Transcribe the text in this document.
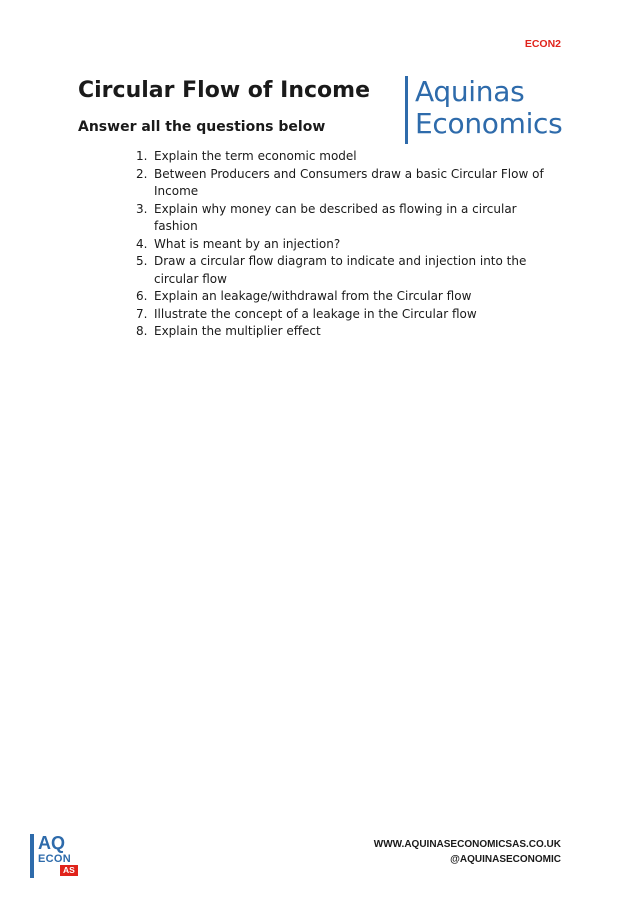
ECON2
Circular Flow of Income
Answer all the questions below
Aquinas
Economics
1. Explain the term economic model
2. Between Producers and Consumers draw a basic Circular Flow of Income
3. Explain why money can be described as flowing in a circular fashion
4. What is meant by an injection?
5. Draw a circular flow diagram to indicate and injection into the circular flow
6. Explain an leakage/withdrawal from the Circular flow
7. Illustrate the concept of a leakage in the Circular flow
8. Explain the multiplier effect
AQ
ECON
AS
WWW.AQUINASECONOMICSAS.CO.UK
@AQUINASECONOMIC
